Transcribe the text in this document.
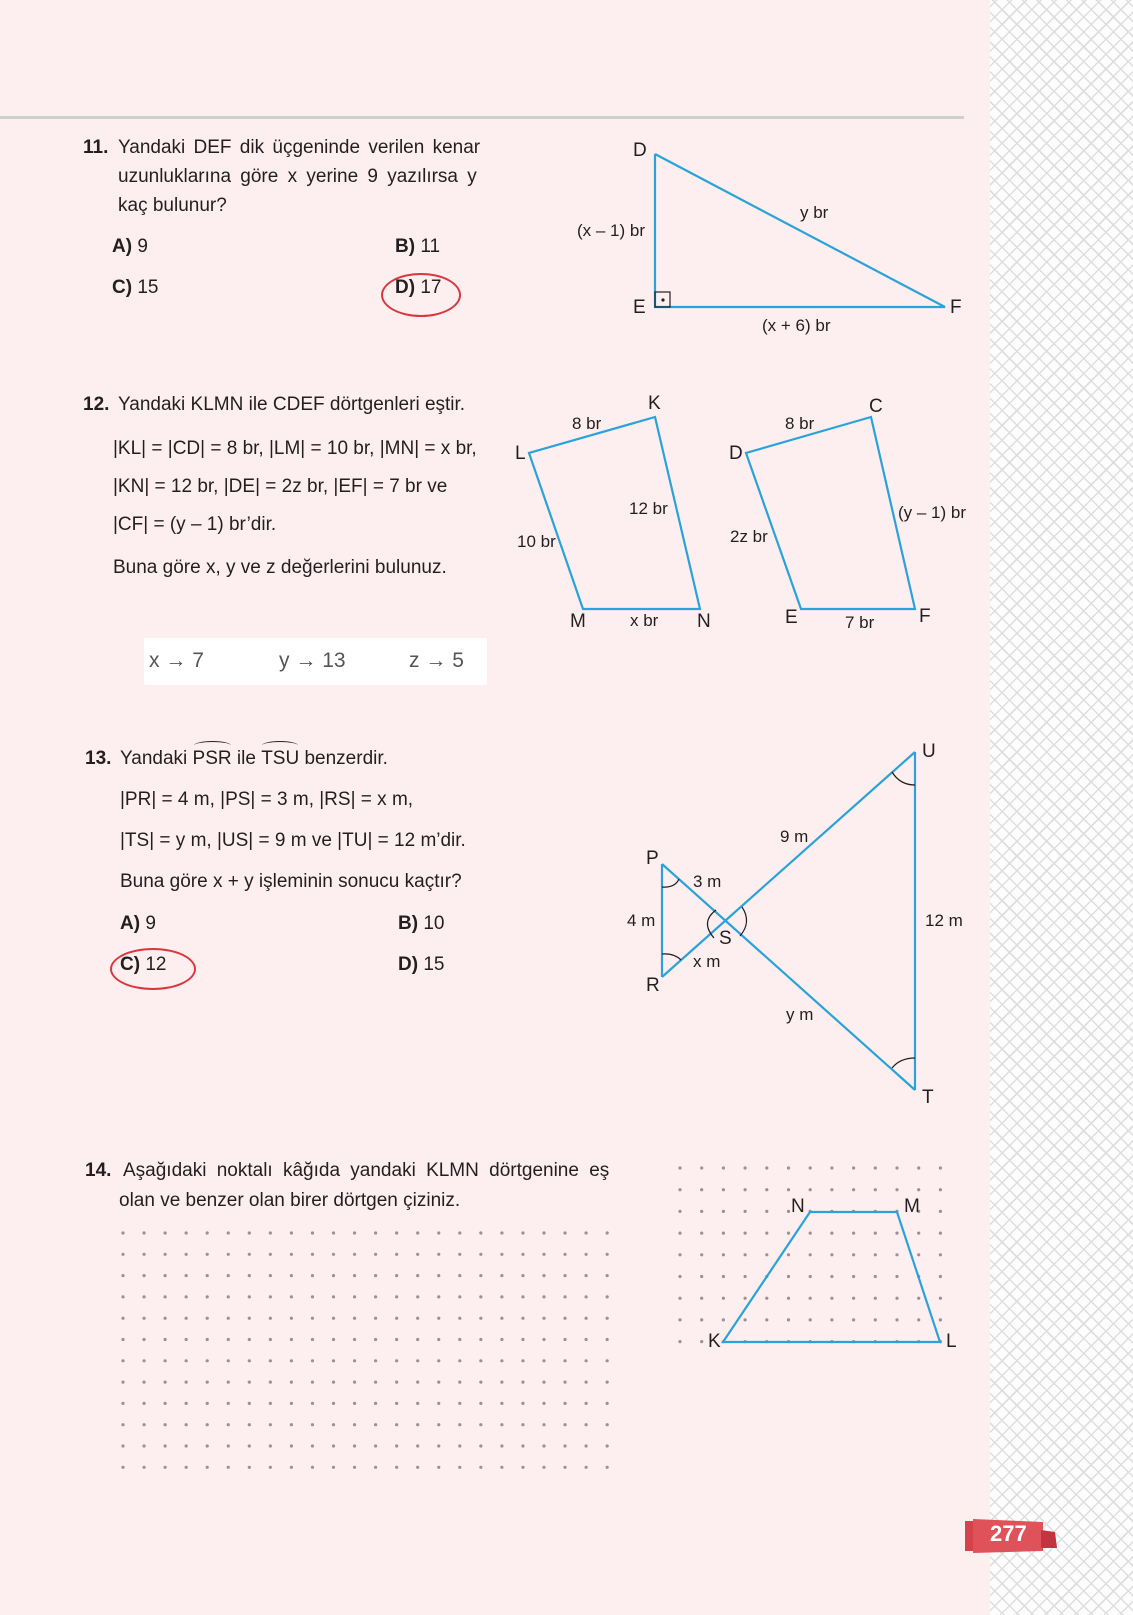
11. Yandaki DEF dik üçgeninde verilen kenar
uzunluklarına göre x yerine 9 yazılırsa y
kaç bulunur?
A) 9	B) 11
C) 15	D) 17
D
E	F
(x – 1) br
y br
(x + 6) br
12. Yandaki KLMN ile CDEF dörtgenleri eştir.
|KL| = |CD| = 8 br, |LM| = 10 br, |MN| = x br,
|KN| = 12 br, |DE| = 2z br, |EF| = 7 br ve
|CF| = (y – 1) br’dir.
Buna göre x, y ve z değerlerini bulunuz.
x → 7	y → 13	z → 5
K
L
M	N
8 br
10 br
12 br
x br
C
D
E	F
8 br
2z br
(y – 1) br
7 br
13. Yandaki PSR ile TSU benzerdir.
|PR| = 4 m, |PS| = 3 m, |RS| = x m,
|TS| = y m, |US| = 9 m ve |TU| = 12 m’dir.
Buna göre x + y işleminin sonucu kaçtır?
A) 9	B) 10
C) 12	D) 15
P
R
S
U
T
4 m
3 m
x m
9 m
y m
12 m
14. Aşağıdaki noktalı kâğıda yandaki KLMN dörtgenine eş
olan ve benzer olan birer dörtgen çiziniz.	N	M
K	L
277
